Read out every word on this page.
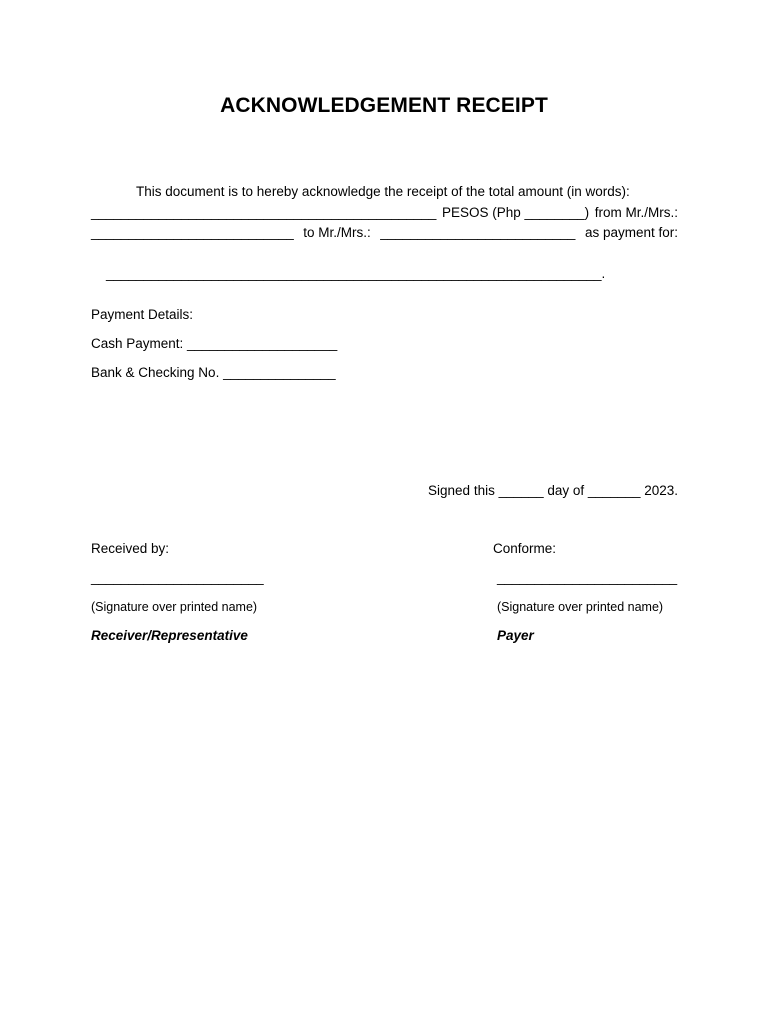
ACKNOWLEDGEMENT RECEIPT
This document is to hereby acknowledge the receipt of the total amount (in words):
______________________________________________ PESOS (Php ________) from Mr./Mrs.:
___________________________ to Mr./Mrs.: __________________________ as payment for:

__________________________________________________________________.

Payment Details:

Cash Payment: ____________________

Bank & Checking No. _______________

Signed this ______ day of _______ 2023.

Received by:

_______________________

(Signature over printed name)

Receiver/Representative

Conforme:

________________________

(Signature over printed name)

Payer
